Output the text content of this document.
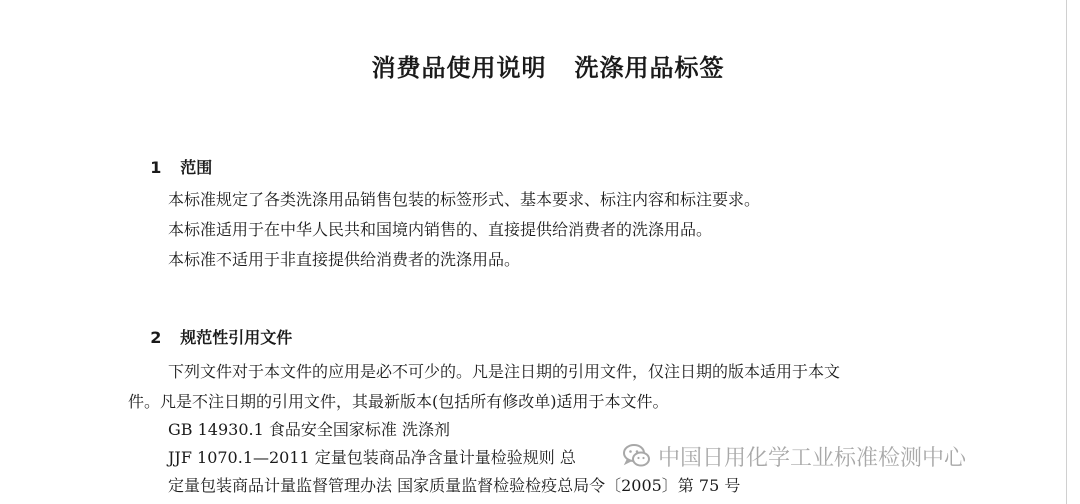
消费品使用说明   洗涤用品标签

1 范围

本标准规定了各类洗涤用品销售包装的标签形式、基本要求、标注内容和标注要求。
本标准适用于在中华人民共和国境内销售的、直接提供给消费者的洗涤用品。
本标准不适用于非直接提供给消费者的洗涤用品。

2 规范性引用文件

下列文件对于本文件的应用是必不可少的。凡是注日期的引用文件，仅注日期的版本适用于本文
件。凡是不注日期的引用文件，其最新版本(包括所有修改单)适用于本文件。
GB 14930.1 食品安全国家标准 洗涤剂
JJF 1070.1—2011 定量包装商品净含量计量检验规则 总
定量包装商品计量监督管理办法 国家质量监督检验检疫总局令〔2005〕第 75 号
中国日用化学工业标准检测中心
